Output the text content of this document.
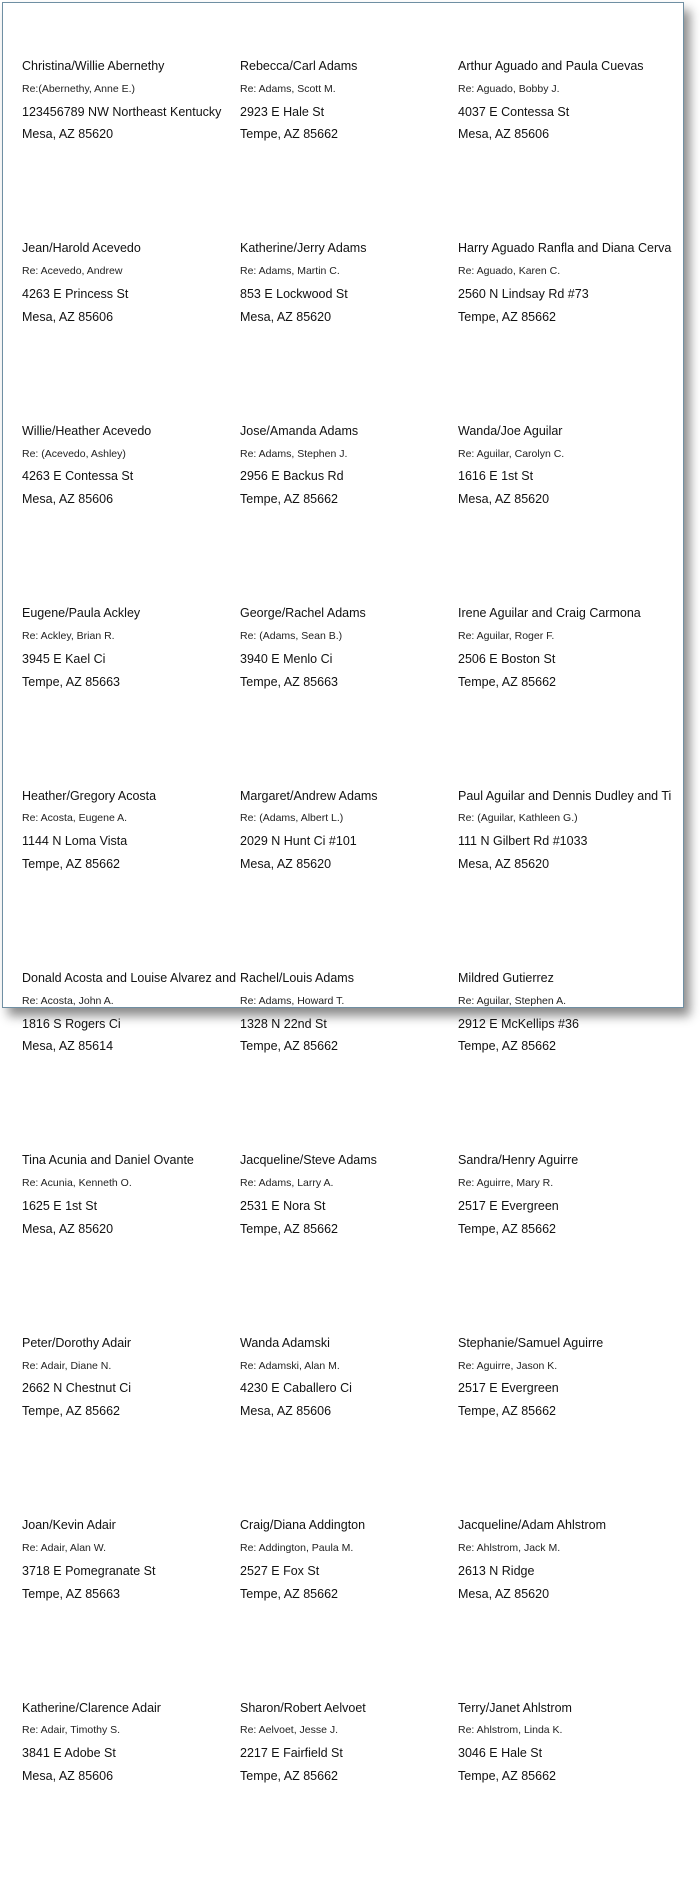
Christina/Willie Abernethy
Re:(Abernethy, Anne E.)
123456789 NW Northeast Kentucky
Mesa, AZ 85620
Jean/Harold Acevedo
Re: Acevedo, Andrew
4263 E Princess St
Mesa, AZ 85606
Willie/Heather Acevedo
Re: (Acevedo, Ashley)
4263 E Contessa St
Mesa, AZ 85606
Eugene/Paula Ackley
Re: Ackley, Brian R.
3945 E Kael Ci
Tempe, AZ 85663
Heather/Gregory Acosta
Re: Acosta, Eugene A.
1144 N Loma Vista
Tempe, AZ 85662
Donald Acosta and Louise Alvarez and
Re: Acosta, John A.
1816 S Rogers Ci
Mesa, AZ 85614
Tina Acunia and Daniel Ovante
Re: Acunia, Kenneth O.
1625 E 1st St
Mesa, AZ 85620
Peter/Dorothy Adair
Re: Adair, Diane N.
2662 N Chestnut Ci
Tempe, AZ 85662
Joan/Kevin Adair
Re: Adair, Alan W.
3718 E Pomegranate St
Tempe, AZ 85663
Katherine/Clarence Adair
Re: Adair, Timothy S.
3841 E Adobe St
Mesa, AZ 85606
Rebecca/Carl Adams
Re: Adams, Scott M.
2923 E Hale St
Tempe, AZ 85662
Katherine/Jerry Adams
Re: Adams, Martin C.
853 E Lockwood St
Mesa, AZ 85620
Jose/Amanda Adams
Re: Adams, Stephen J.
2956 E Backus Rd
Tempe, AZ 85662
George/Rachel Adams
Re: (Adams, Sean B.)
3940 E Menlo Ci
Tempe, AZ 85663
Margaret/Andrew Adams
Re: (Adams, Albert L.)
2029 N Hunt Ci #101
Mesa, AZ 85620
Rachel/Louis Adams
Re: Adams, Howard T.
1328 N 22nd St
Tempe, AZ 85662
Jacqueline/Steve Adams
Re: Adams, Larry A.
2531 E Nora St
Tempe, AZ 85662
Wanda Adamski
Re: Adamski, Alan M.
4230 E Caballero Ci
Mesa, AZ 85606
Craig/Diana Addington
Re: Addington, Paula M.
2527 E Fox St
Tempe, AZ 85662
Sharon/Robert Aelvoet
Re: Aelvoet, Jesse J.
2217 E Fairfield St
Tempe, AZ 85662
Arthur Aguado and Paula Cuevas
Re: Aguado, Bobby J.
4037 E Contessa St
Mesa, AZ 85606
Harry Aguado Ranfla and Diana Cerva
Re: Aguado, Karen C.
2560 N Lindsay Rd #73
Tempe, AZ 85662
Wanda/Joe Aguilar
Re: Aguilar, Carolyn C.
1616 E 1st St
Mesa, AZ 85620
Irene Aguilar and Craig Carmona
Re: Aguilar, Roger F.
2506 E Boston St
Tempe, AZ 85662
Paul Aguilar and Dennis Dudley and Ti
Re: (Aguilar, Kathleen G.)
111 N Gilbert Rd #1033
Mesa, AZ 85620
Mildred Gutierrez
Re: Aguilar, Stephen A.
2912 E McKellips #36
Tempe, AZ 85662
Sandra/Henry Aguirre
Re: Aguirre, Mary R.
2517 E Evergreen
Tempe, AZ 85662
Stephanie/Samuel Aguirre
Re: Aguirre, Jason K.
2517 E Evergreen
Tempe, AZ 85662
Jacqueline/Adam Ahlstrom
Re: Ahlstrom, Jack M.
2613 N Ridge
Mesa, AZ 85620
Terry/Janet Ahlstrom
Re: Ahlstrom, Linda K.
3046 E Hale St
Tempe, AZ 85662
